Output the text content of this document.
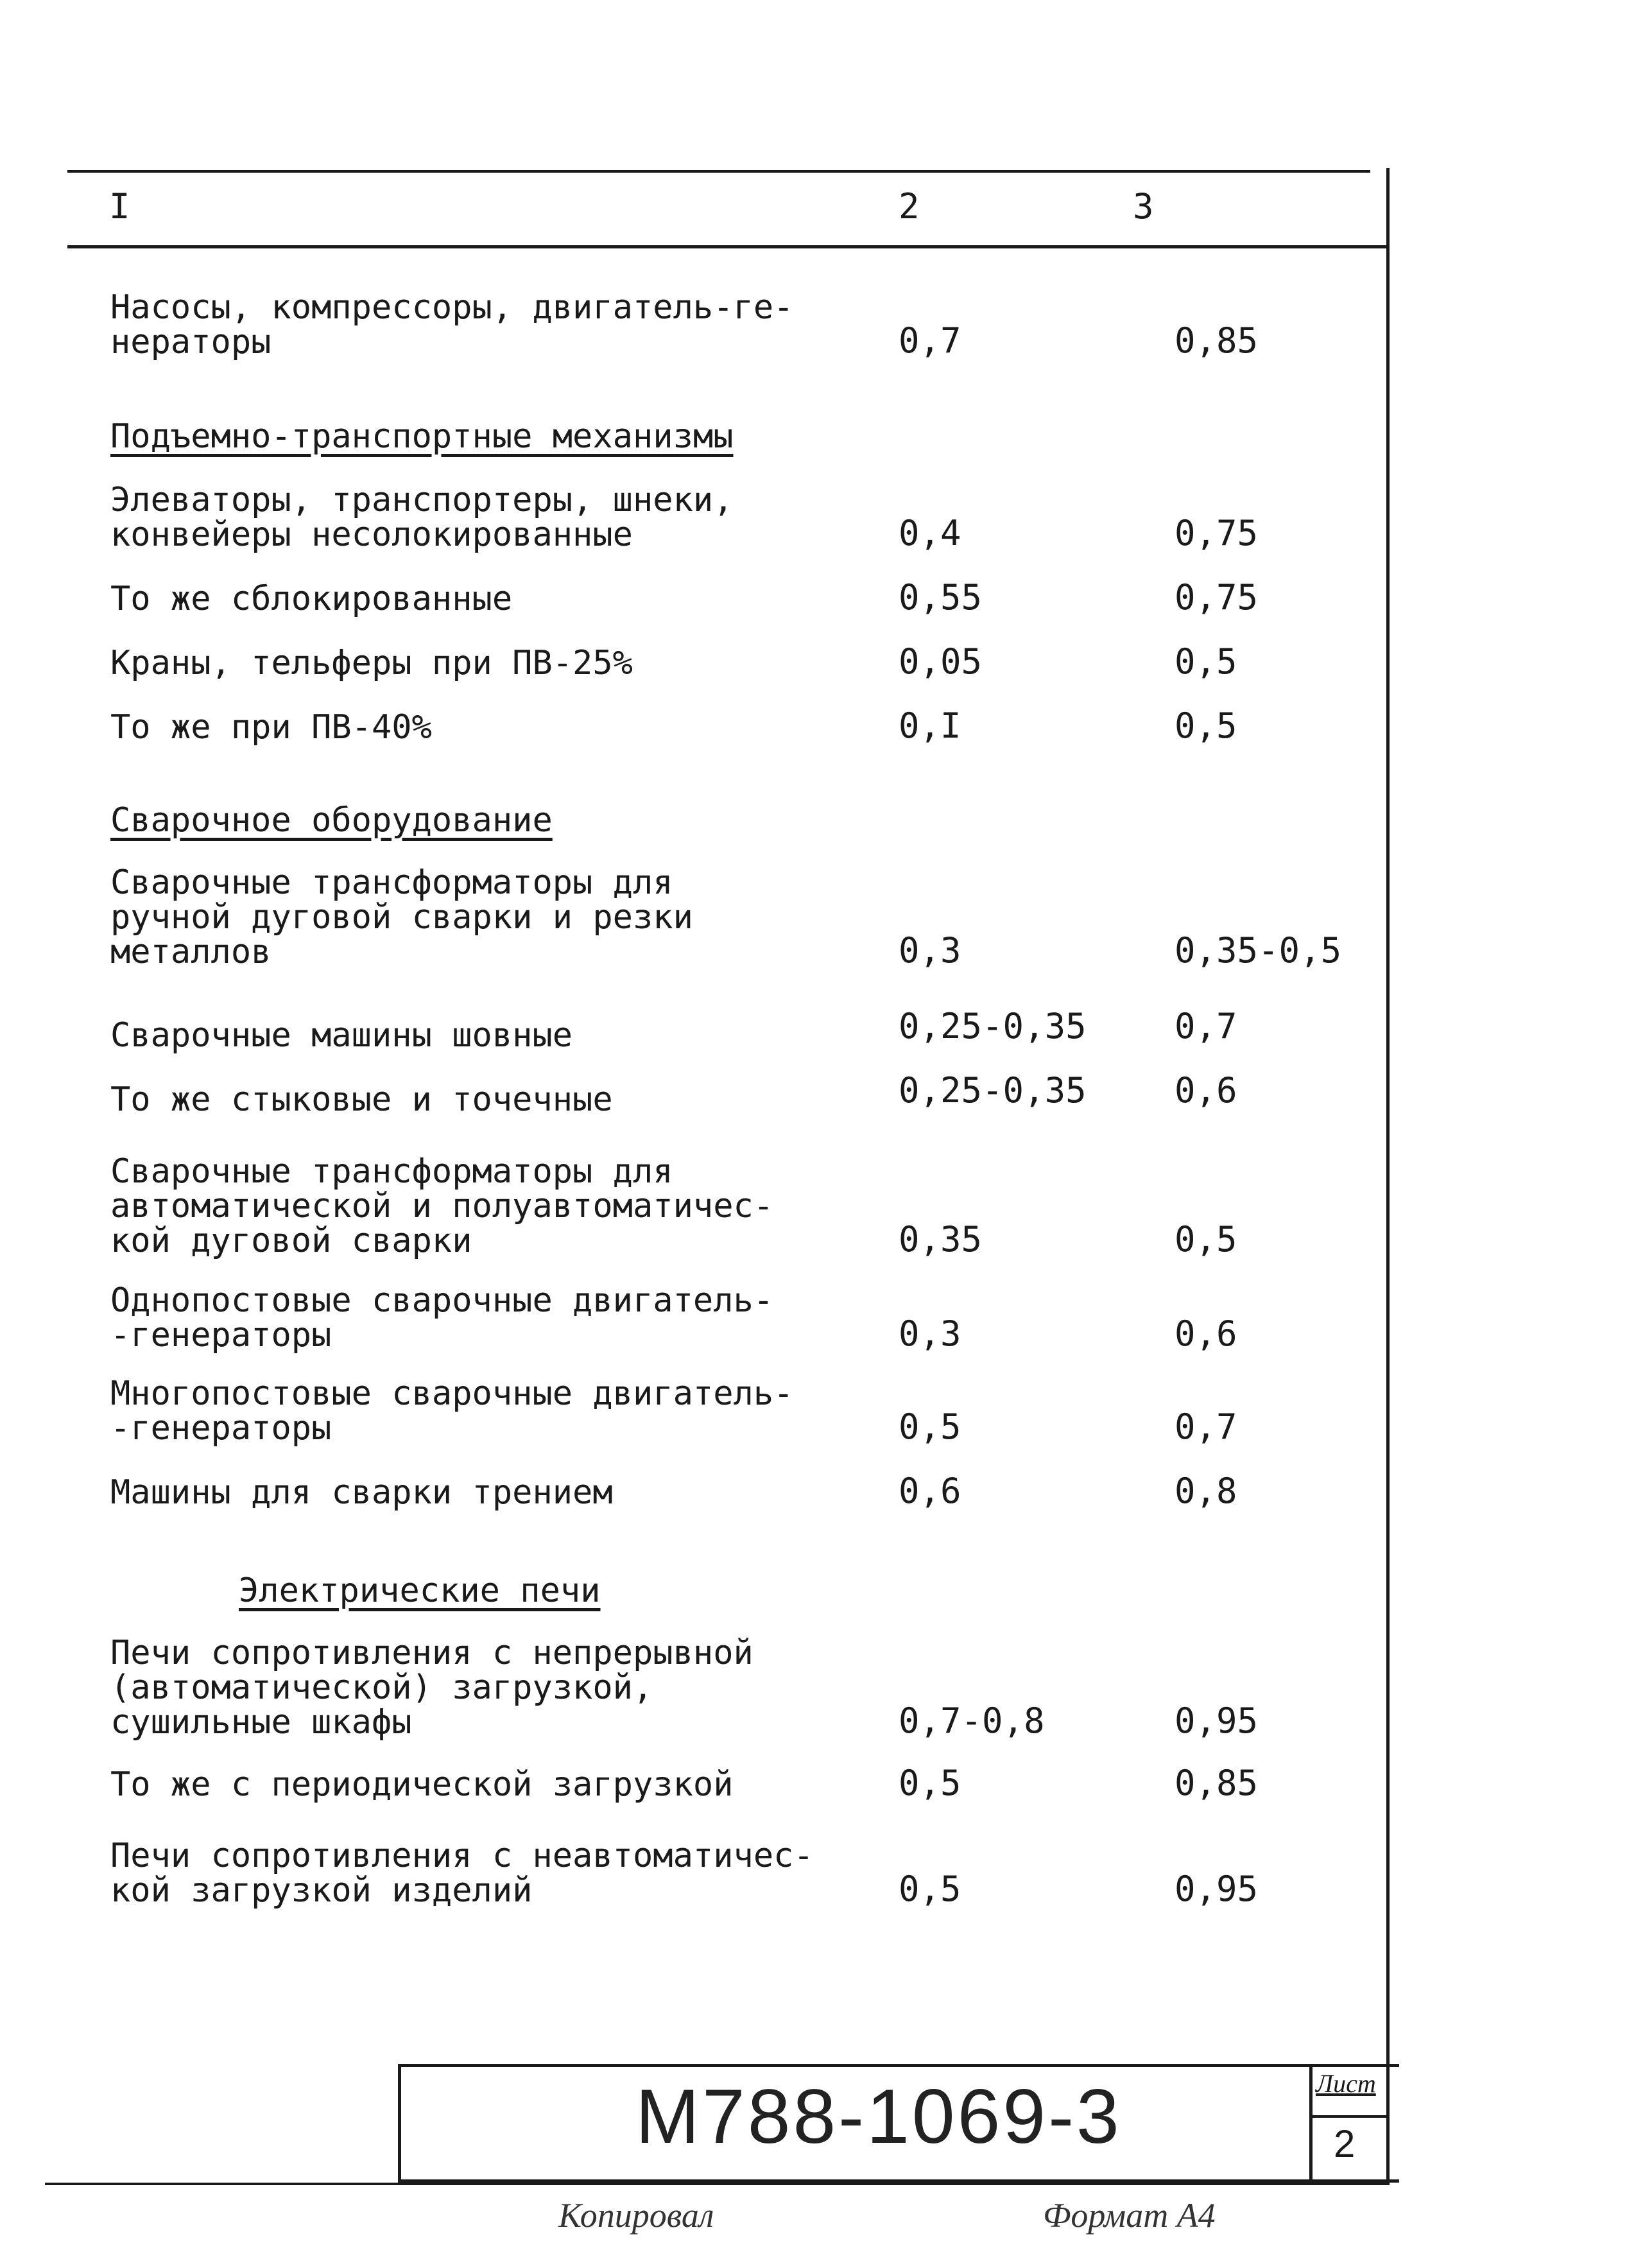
I	2	3
Насосы, компрессоры, двигатель-ге-
нераторы	0,7	0,85
Подъемно-транспортные механизмы
Элеваторы, транспортеры, шнеки,
конвейеры несолокированные	0,4	0,75
То же сблокированные	0,55	0,75
Краны, тельферы при ПВ-25%	0,05	0,5
То же при ПВ-40%	0,I	0,5
Сварочное оборудование
Сварочные трансформаторы для
ручной дуговой сварки и резки
металлов	0,3	0,35-0,5
Сварочные машины шовные	0,25-0,35	0,7
То же стыковые и точечные	0,25-0,35	0,6
Сварочные трансформаторы для
автоматической и полуавтоматичес-
кой дуговой сварки	0,35	0,5
Однопостовые сварочные двигатель-
-генераторы	0,3	0,6
Многопостовые сварочные двигатель-
-генераторы	0,5	0,7
Машины для сварки трением	0,6	0,8
Электрические печи
Печи сопротивления с непрерывной
(автоматической) загрузкой,
сушильные шкафы	0,7-0,8	0,95
То же с периодической загрузкой	0,5	0,85
Печи сопротивления с неавтоматичес-
кой загрузкой изделий	0,5	0,95
М788-1069-3	Лист
2
Копировал	Формат А4
